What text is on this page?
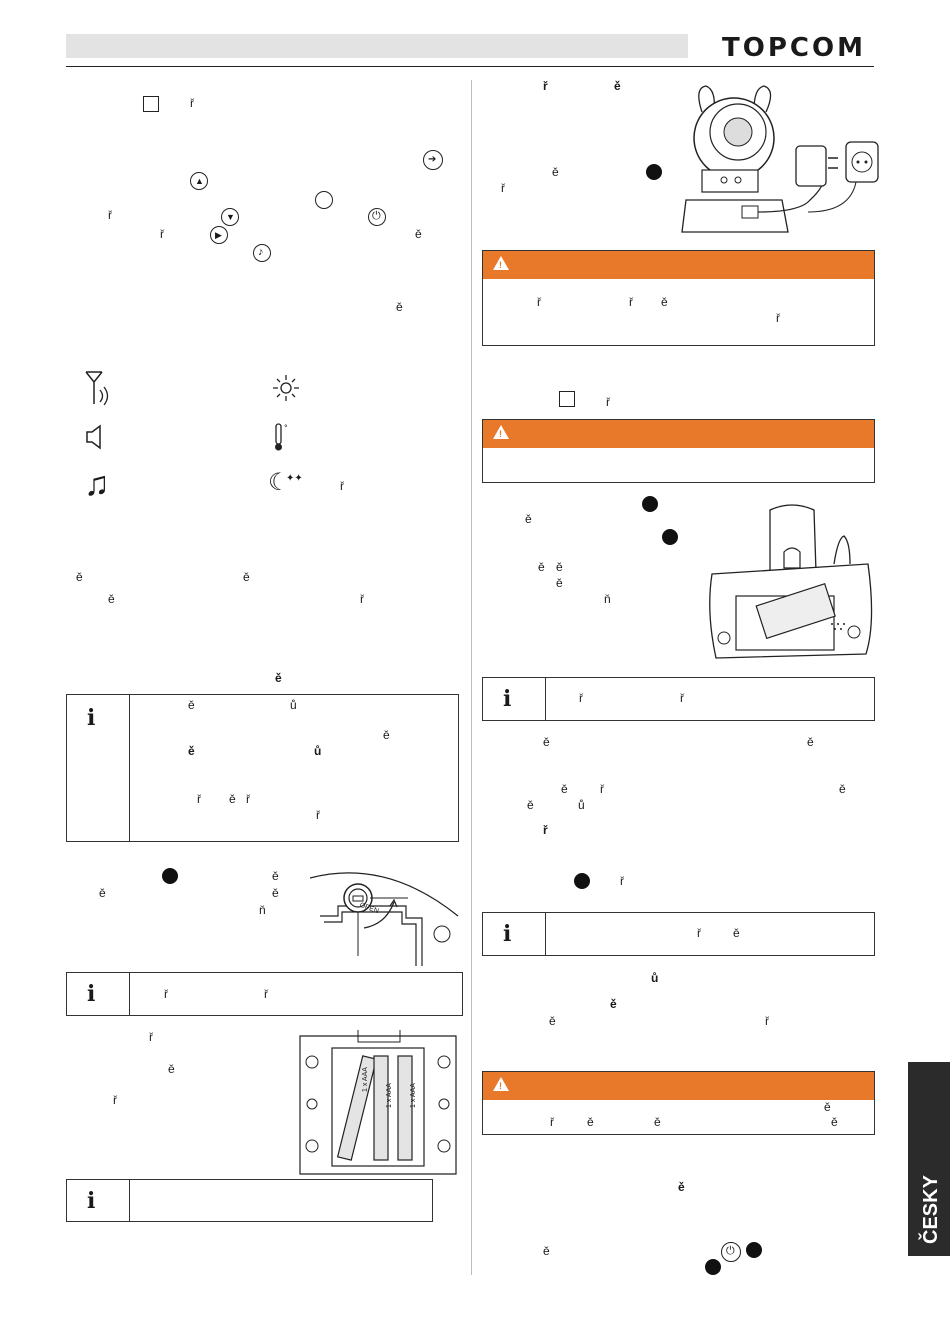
TOPCOM
ř
➔
▲
ř	▼	⏻
ř	▶	ě
♪
ě
♫
°
☾
✦✦
ř
ě	ě
ě	ř
ě
i	ě	ů
ě
ě	ů
ř ě ř
ř
ě
ě	ě
ň	OPEN
i	ř	ř
ř
ě
ř
1 x AAA
1 x AAA	1 x AAA
i
ř	ě
ě
ř
!
ř	ř ě
ř
ř
!
ě
ě ě
ě
ň
i	ř	ř
ě	ě
ě	ř	ě
ě	ů
ř
ř
i	ř	ě
ů
ě
ě	ř
!
ě
ř	ě	ě	ě
ě
ě	⏻
ČESKY
